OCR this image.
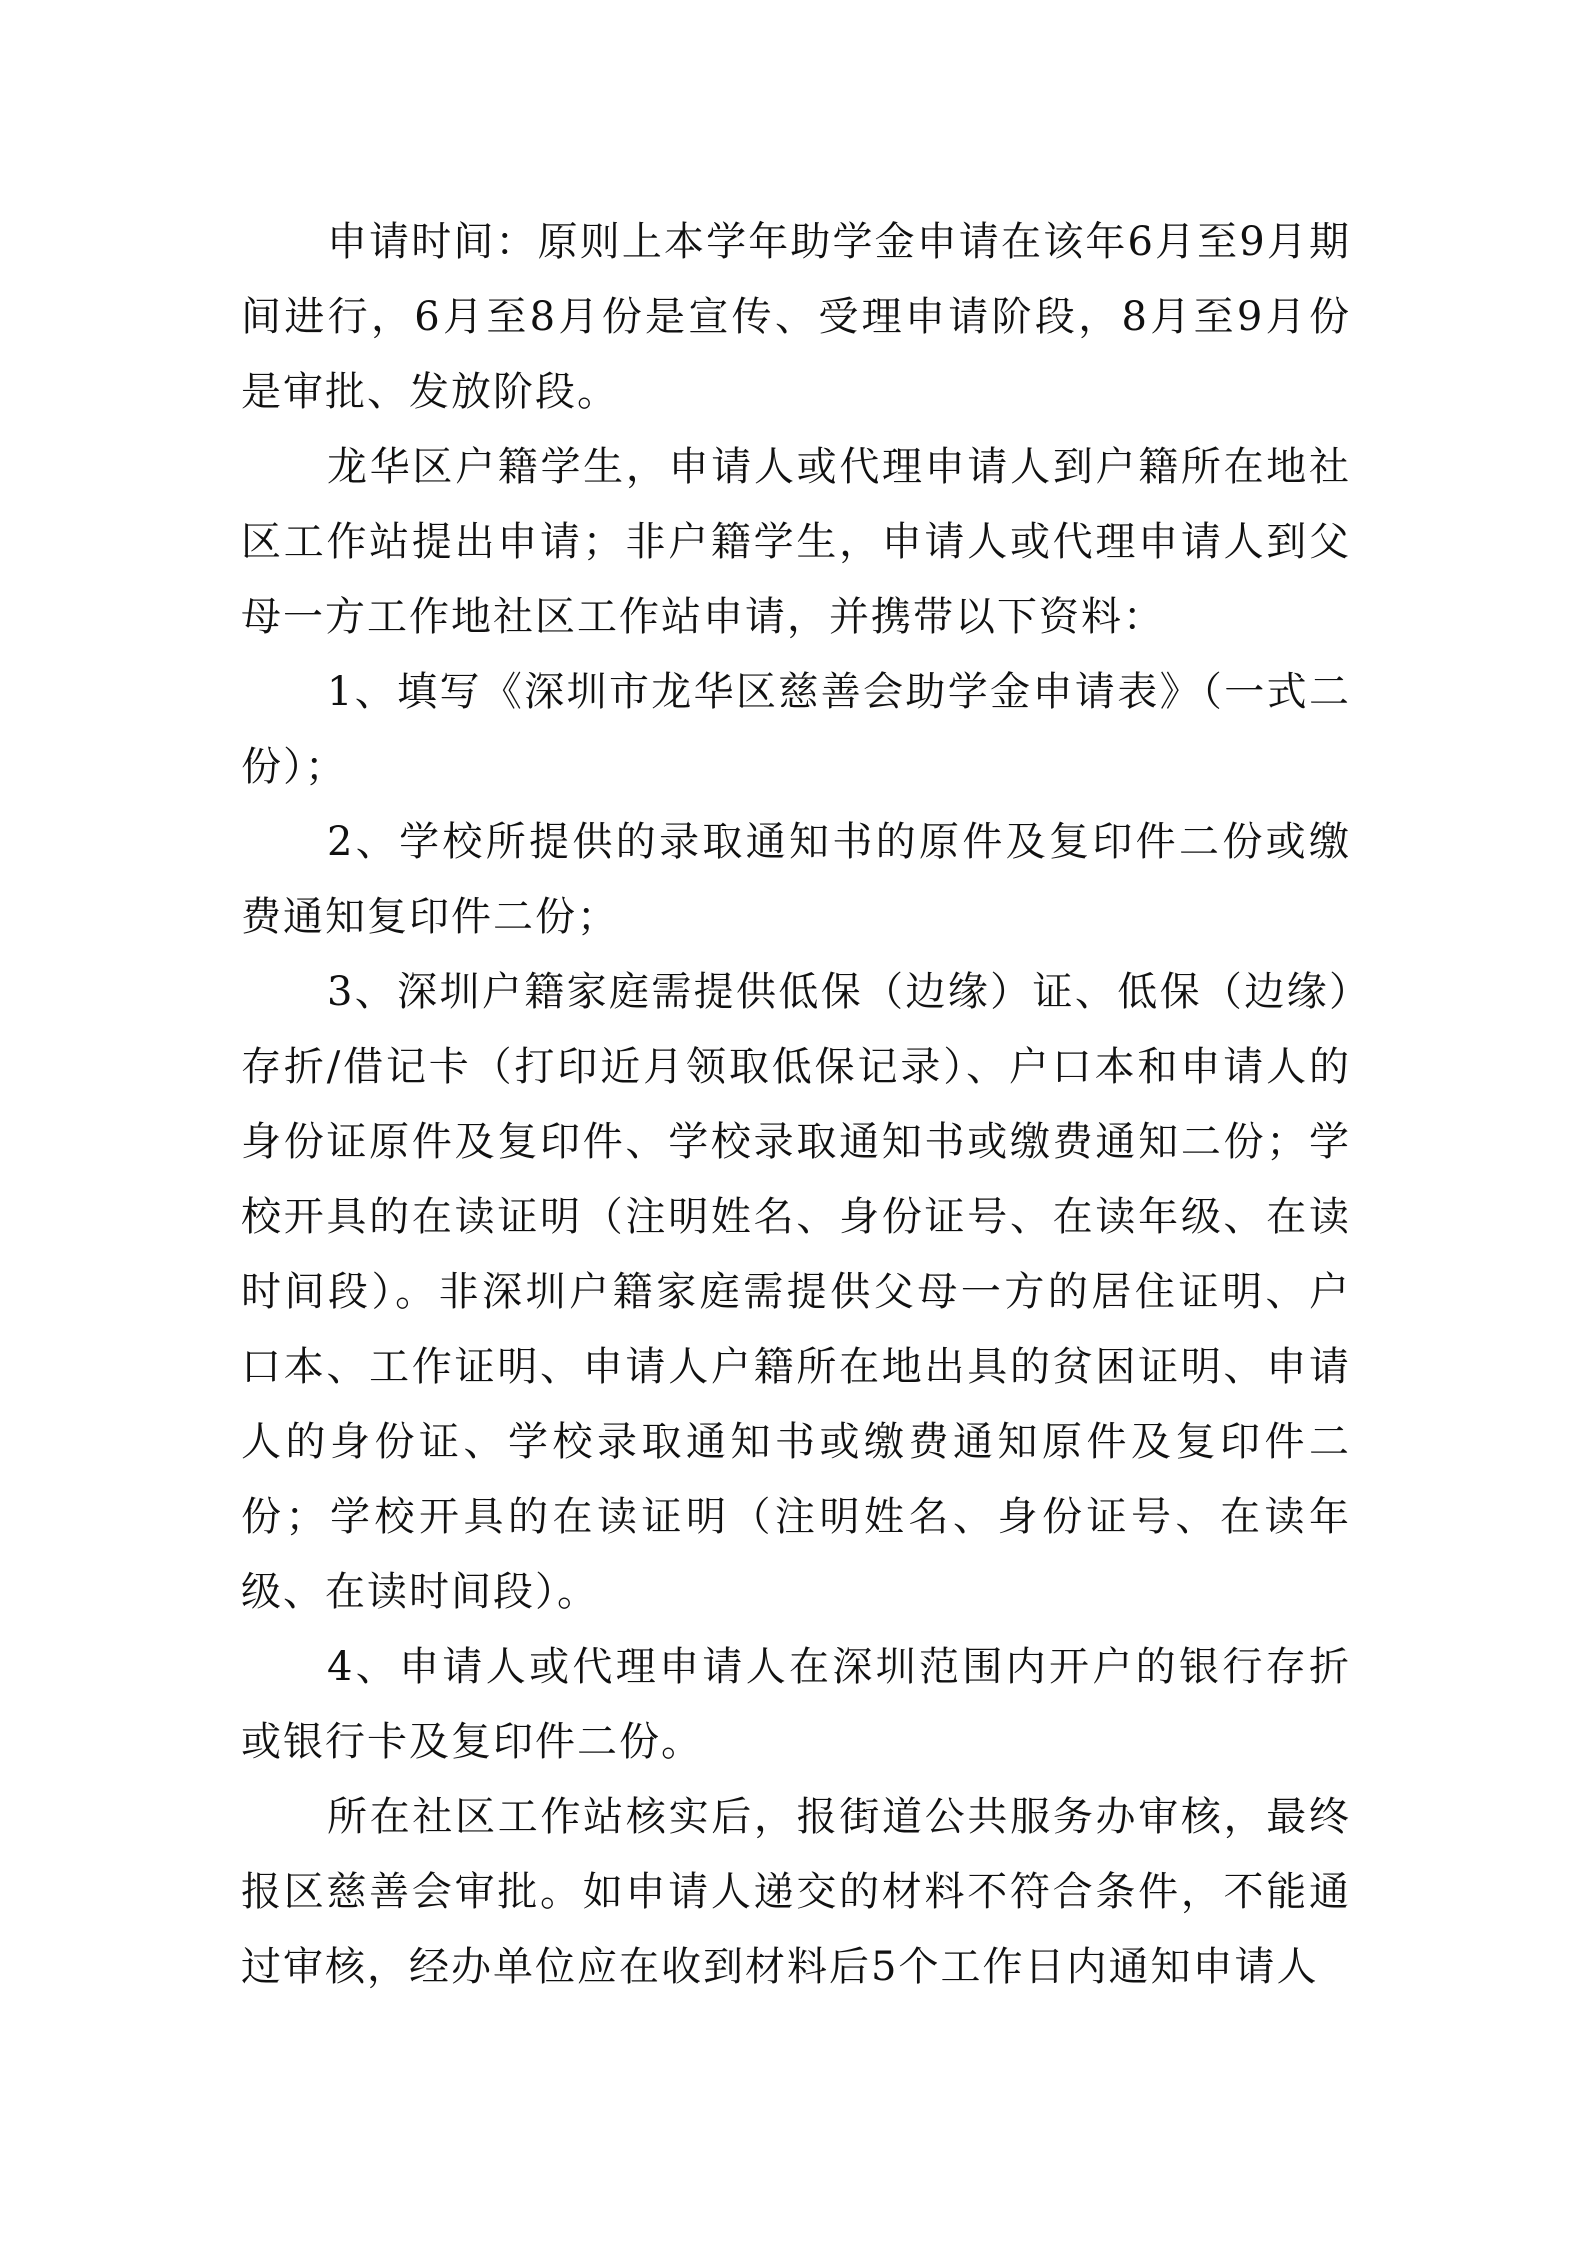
申请时间：原则上本学年助学金申请在该年6月至9月期间进行，6月至8月份是宣传、受理申请阶段，8月至9月份是审批、发放阶段。

龙华区户籍学生，申请人或代理申请人到户籍所在地社区工作站提出申请；非户籍学生，申请人或代理申请人到父母一方工作地社区工作站申请，并携带以下资料：

1、填写《深圳市龙华区慈善会助学金申请表》（一式二份）；

2、学校所提供的录取通知书的原件及复印件二份或缴费通知复印件二份；

3、深圳户籍家庭需提供低保（边缘）证、低保（边缘）存折/借记卡（打印近月领取低保记录）、户口本和申请人的身份证原件及复印件、学校录取通知书或缴费通知二份；学校开具的在读证明（注明姓名、身份证号、在读年级、在读时间段）。非深圳户籍家庭需提供父母一方的居住证明、户口本、工作证明、申请人户籍所在地出具的贫困证明、申请人的身份证、学校录取通知书或缴费通知原件及复印件二份；学校开具的在读证明（注明姓名、身份证号、在读年级、在读时间段）。

4、申请人或代理申请人在深圳范围内开户的银行存折或银行卡及复印件二份。

所在社区工作站核实后，报街道公共服务办审核，最终报区慈善会审批。如申请人递交的材料不符合条件，不能通过审核，经办单位应在收到材料后5个工作日内通知申请人
